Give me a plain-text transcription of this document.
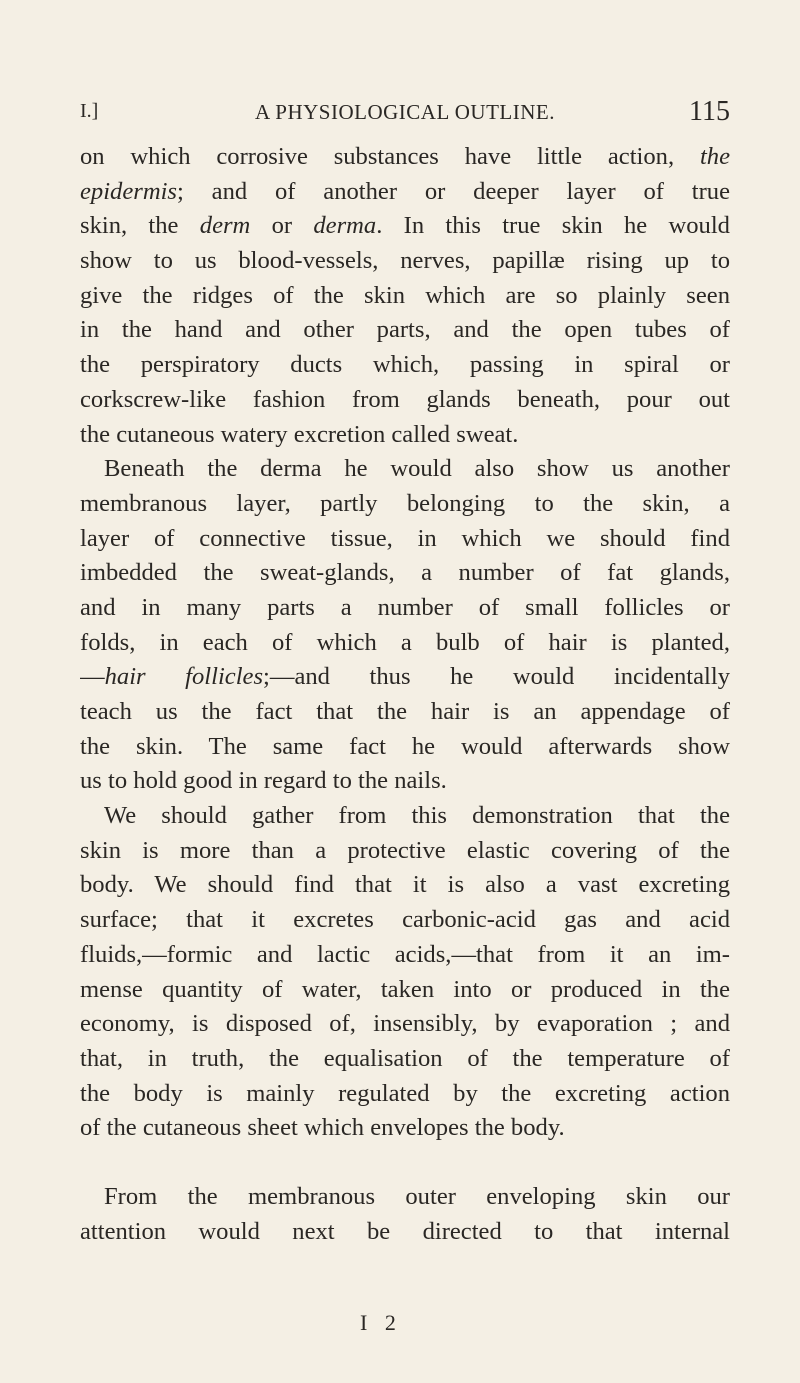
I.]	A PHYSIOLOGICAL OUTLINE.	115
on which corrosive substances have little action, the
epidermis; and of another or deeper layer of true
skin, the derm or derma. In this true skin he would
show to us blood-vessels, nerves, papillæ rising up to
give the ridges of the skin which are so plainly seen
in the hand and other parts, and the open tubes of
the perspiratory ducts which, passing in spiral or
corkscrew-like fashion from glands beneath, pour out
the cutaneous watery excretion called sweat.
Beneath the derma he would also show us another
membranous layer, partly belonging to the skin, a
layer of connective tissue, in which we should find
imbedded the sweat-glands, a number of fat glands,
and in many parts a number of small follicles or
folds, in each of which a bulb of hair is planted,
—hair follicles;—and thus he would incidentally
teach us the fact that the hair is an appendage of
the skin. The same fact he would afterwards show
us to hold good in regard to the nails.
We should gather from this demonstration that the
skin is more than a protective elastic covering of the
body. We should find that it is also a vast excreting
surface; that it excretes carbonic-acid gas and acid
fluids,—formic and lactic acids,—that from it an im-
mense quantity of water, taken into or produced in the
economy, is disposed of, insensibly, by evaporation ; and
that, in truth, the equalisation of the temperature of
the body is mainly regulated by the excreting action
of the cutaneous sheet which envelopes the body.
From the membranous outer enveloping skin our
attention would next be directed to that internal
I 2
